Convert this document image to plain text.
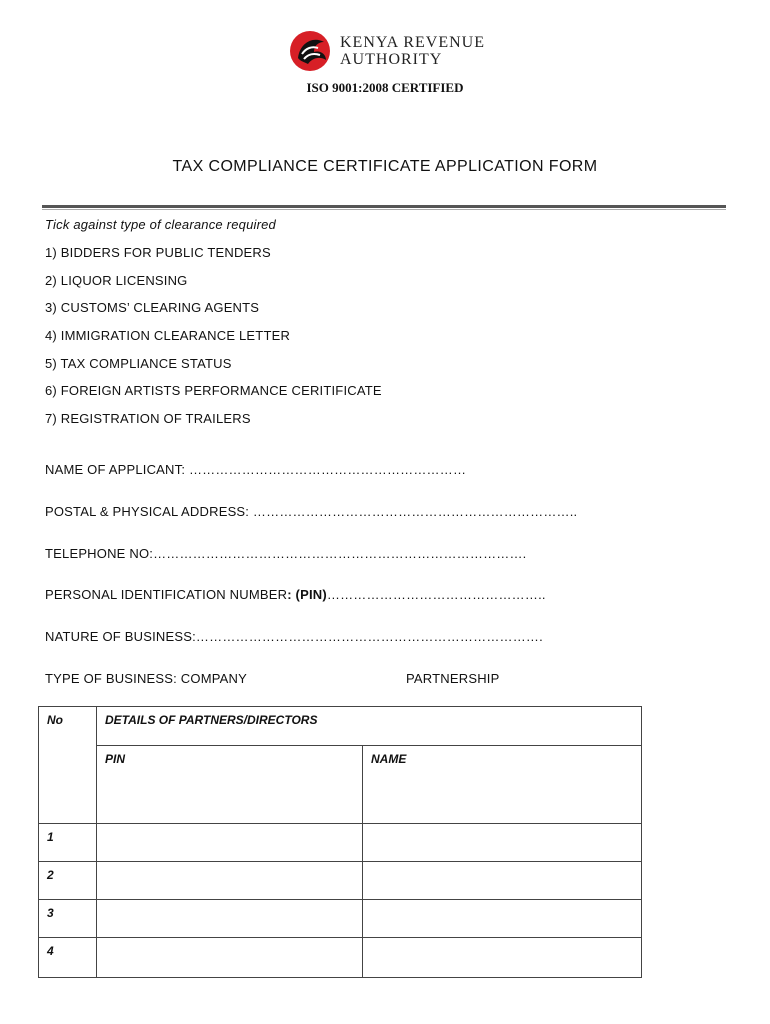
KENYA REVENUE
AUTHORITY
ISO 9001:2008 CERTIFIED
TAX COMPLIANCE CERTIFICATE APPLICATION FORM
Tick against type of clearance required
1) BIDDERS FOR PUBLIC TENDERS
2) LIQUOR LICENSING
3) CUSTOMS’ CLEARING AGENTS
4) IMMIGRATION CLEARANCE LETTER
5) TAX COMPLIANCE STATUS
6) FOREIGN ARTISTS PERFORMANCE CERITIFICATE
7) REGISTRATION OF TRAILERS
NAME OF APPLICANT: ………………………………………………………
POSTAL & PHYSICAL ADDRESS: ………………………………………………………………..
TELEPHONE NO:………………………………………………………………………….
PERSONAL IDENTIFICATION NUMBER: (PIN)…………………………………………..
NATURE OF BUSINESS:…………………………………………………………………….
TYPE OF BUSINESS: COMPANY	PARTNERSHIP
No	DETAILS OF PARTNERS/DIRECTORS
PIN	NAME
1
2
3
4
